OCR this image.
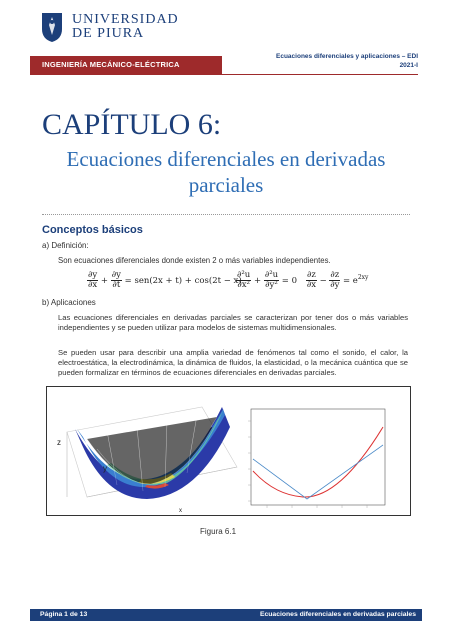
UNIVERSIDAD
DE PIURA
Ecuaciones diferenciales y aplicaciones – EDI
2021-I
INGENIERÍA MECÁNICO-ELÉCTRICA
CAPÍTULO 6:
Ecuaciones diferenciales en derivadas
parciales
Conceptos básicos
a) Definición:
Son ecuaciones diferenciales donde existen 2 o más variables independientes.
$\frac{\partial y}{\partial x} + \frac{\partial y}{\partial t} = sen(2x + t) + \cos(2t - x)$
$\frac{\text{∂²u}}{\text{∂x²}} + \frac{\text{∂²u}}{\text{∂y²}} = 0 \frac{\partial z}{\partial x} - \frac{\partial z}{\partial y} = e^{2xy}$
b) Aplicaciones
Las ecuaciones diferenciales en derivadas parciales se caracterizan por tener dos o más variables independientes y se pueden utilizar para modelos de sistemas multidimensionales.
Se pueden usar para describir una amplia variedad de fenómenos tal como el sonido, el calor, la electroestática, la electrodinámica, la dinámica de fluidos, la elasticidad, o la mecánica cuántica que se pueden formalizar en términos de ecuaciones diferenciales en derivadas parciales.
z
y
x
Figura 6.1
Página 1 de 13	Ecuaciones diferenciales en derivadas parciales
